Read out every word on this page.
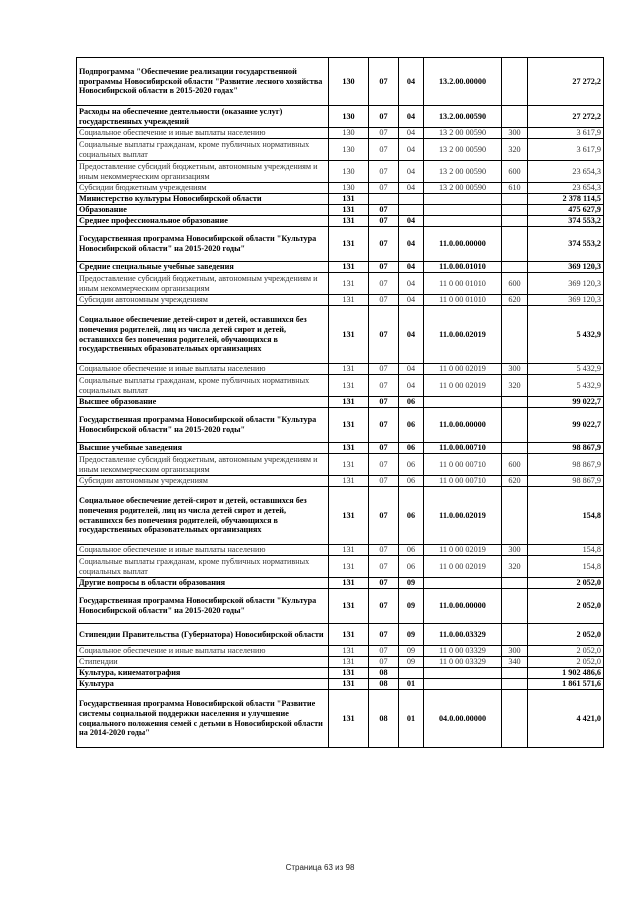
Подпрограмма "Обеспечение реализации государственной программы Новосибирской области "Развитие лесного хозяйства Новосибирской области в 2015-2020 годах"	130	07	04	13.2.00.00000		27 272,2
Расходы на обеспечение деятельности (оказание услуг) государственных учреждений	130	07	04	13.2.00.00590		27 272,2
Социальное обеспечение и иные выплаты населению	130	07	04	13 2 00 00590	300	3 617,9
Социальные выплаты гражданам, кроме публичных нормативных социальных выплат	130	07	04	13 2 00 00590	320	3 617,9
Предоставление субсидий бюджетным, автономным учреждениям и иным некоммерческим организациям	130	07	04	13 2 00 00590	600	23 654,3
Субсидии бюджетным учреждениям	130	07	04	13 2 00 00590	610	23 654,3
Министерство культуры Новосибирской области	131					2 378 114,5
Образование	131	07				475 627,9
Среднее профессиональное образование	131	07	04			374 553,2
Государственная программа Новосибирской области "Культура Новосибирской области" на 2015-2020 годы"	131	07	04	11.0.00.00000		374 553,2
Средние специальные учебные заведения	131	07	04	11.0.00.01010		369 120,3
Предоставление субсидий бюджетным, автономным учреждениям и иным некоммерческим организациям	131	07	04	11 0 00 01010	600	369 120,3
Субсидии автономным учреждениям	131	07	04	11 0 00 01010	620	369 120,3
Социальное обеспечение детей-сирот и детей, оставшихся без попечения родителей, лиц из числа детей сирот и детей, оставшихся без попечения родителей, обучающихся в государственных образовательных организациях	131	07	04	11.0.00.02019		5 432,9
Социальное обеспечение и иные выплаты населению	131	07	04	11 0 00 02019	300	5 432,9
Социальные выплаты гражданам, кроме публичных нормативных социальных выплат	131	07	04	11 0 00 02019	320	5 432,9
Высшее образование	131	07	06			99 022,7
Государственная программа Новосибирской области "Культура Новосибирской области" на 2015-2020 годы"	131	07	06	11.0.00.00000		99 022,7
Высшие учебные заведения	131	07	06	11.0.00.00710		98 867,9
Предоставление субсидий бюджетным, автономным учреждениям и иным некоммерческим организациям	131	07	06	11 0 00 00710	600	98 867,9
Субсидии автономным учреждениям	131	07	06	11 0 00 00710	620	98 867,9
Социальное обеспечение детей-сирот и детей, оставшихся без попечения родителей, лиц из числа детей сирот и детей, оставшихся без попечения родителей, обучающихся в государственных образовательных организациях	131	07	06	11.0.00.02019		154,8
Социальное обеспечение и иные выплаты населению	131	07	06	11 0 00 02019	300	154,8
Социальные выплаты гражданам, кроме публичных нормативных социальных выплат	131	07	06	11 0 00 02019	320	154,8
Другие вопросы в области образования	131	07	09			2 052,0
Государственная программа Новосибирской области "Культура Новосибирской области" на 2015-2020 годы"	131	07	09	11.0.00.00000		2 052,0
Стипендии Правительства (Губернатора) Новосибирской области	131	07	09	11.0.00.03329		2 052,0
Социальное обеспечение и иные выплаты населению	131	07	09	11 0 00 03329	300	2 052,0
Стипендии	131	07	09	11 0 00 03329	340	2 052,0
Культура, кинематография	131	08				1 902 486,6
Культура	131	08	01			1 861 571,6
Государственная программа Новосибирской области "Развитие системы социальной поддержки населения и улучшение социального положения семей с детьми в Новосибирской области на 2014-2020 годы"	131	08	01	04.0.00.00000		4 421,0
Страница 63 из 98
